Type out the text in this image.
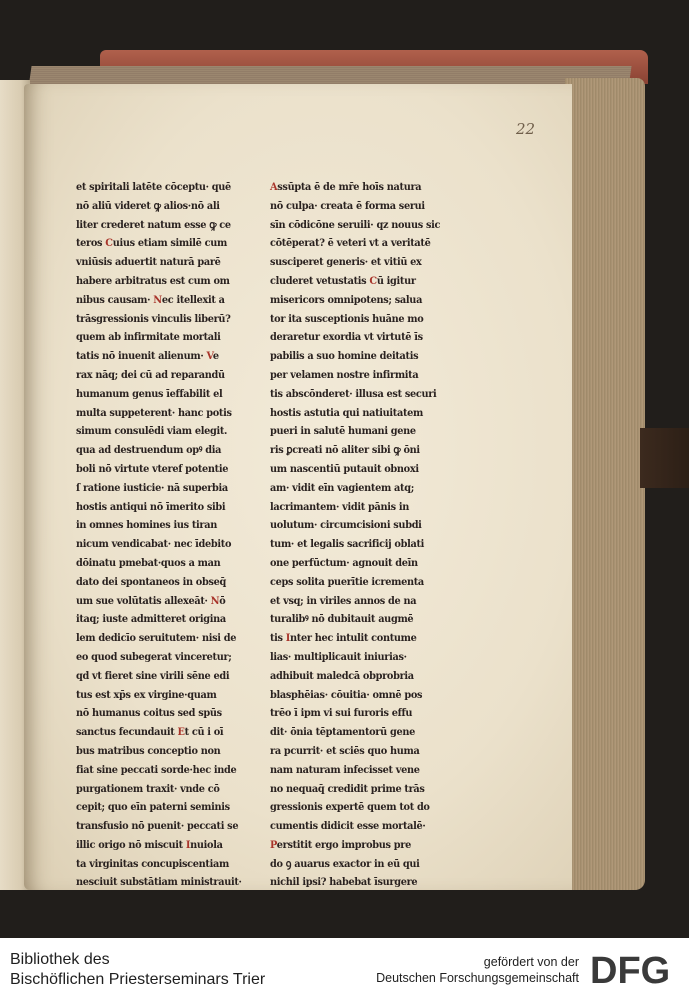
22
et spiritali latēte cōceptu· quē
nō aliū videret ꝙ alios·nō ali
liter crederet natum esse ꝙ ce
teros Cuius etiam similē cum
vniūsis aduertit naturā parē
habere arbitratus est cum om
nibus causam· Nec itellexit a
trāsgressionis vinculis liberū?
quem ab infirmitate mortali
tatis nō inuenit alienum· Ve
rax nāq; dei cū ad reparandū
humanum genus īeffabilit el
multa suppeterent· hanc potis
simum consulēdi viam elegit.
qua ad destruendum opꝰ dia
boli nō virtute vteref potentie
ſ ratione iusticie· nā superbia
hostis antiqui nō īmerito sibi
in omnes homines ius tiran
nicum vendicabat· nec īdebito
dōinatu pmebat·quos a man
dato dei spontaneos in obseq̄
um sue volūtatis allexeāt· Nō
itaq; iuste admitteret origina
lem dedicīo seruitutem· nisi de
eo quod subegerat vinceretur;
qd vt fieret sine virili sēne edi
tus est xp̄s ex virgine·quam
nō humanus coitus sed spūs
sanctus fecundauit Et cū i oī
bus matribus conceptio non
fiat sine peccati sorde·hec inde
purgationem traxit· vnde cō
cepit; quo eīn paterni seminis
transfusio nō puenit· peccati se
illic origo nō miscuit Inuiola
ta virginitas concupiscentiam
nesciuit substātiam ministrauit·
Assūpta ē de mr̄e hoīs natura
nō culpa· creata ē forma serui
sīn cōdicōne seruili· qz nouus sic
cōtēperat? ē veteri vt a veritatē
susciperet generis· et vitiū ex
cluderet vetustatis Cū igitur
misericors omnipotens; salua
tor ita susceptionis huāne mo
deraretur exordia vt virtutē īs
pabilis a suo homine deitatis
per velamen nostre infirmita
tis abscōnderet· illusa est securi
hostis astutia qui natiuitatem
pueri in salutē humani gene
ris ꝑcreati nō aliter sibi ꝙ ōni
um nascentiū putauit obnoxi
am· vidit eīn vagientem atq;
lacrimantem· vidit pānis in
uolutum· circumcisioni subdi
tum· et legalis sacrificij oblati
one perfūctum· agnouit deīn
ceps solita puerītie icrementa
et vsq; in viriles annos de na
turalibꝰ nō dubitauit augmē
tis Inter hec intulit contume
lias· multiplicauit iniurias·
adhibuit maledcā obprobria
blasphēias· cōuitia· omnē pos
trēo ī ipm vi sui furoris effu
dit· ōnia tēptamentorū gene
ra pcurrit· et sciēs quo huma
nam naturam infecisset vene
no nequaq̄ credidit prime trās
gressionis expertē quem tot do
cumentis didicit esse mortalē·
Perstitit ergo improbus pre
do ꝯ auarus exactor in eū qui
nichil ipsi? habebat īsurgere
Bibliothek des
Bischöflichen Priesterseminars Trier
gefördert von der
Deutschen Forschungsgemeinschaft DFG
